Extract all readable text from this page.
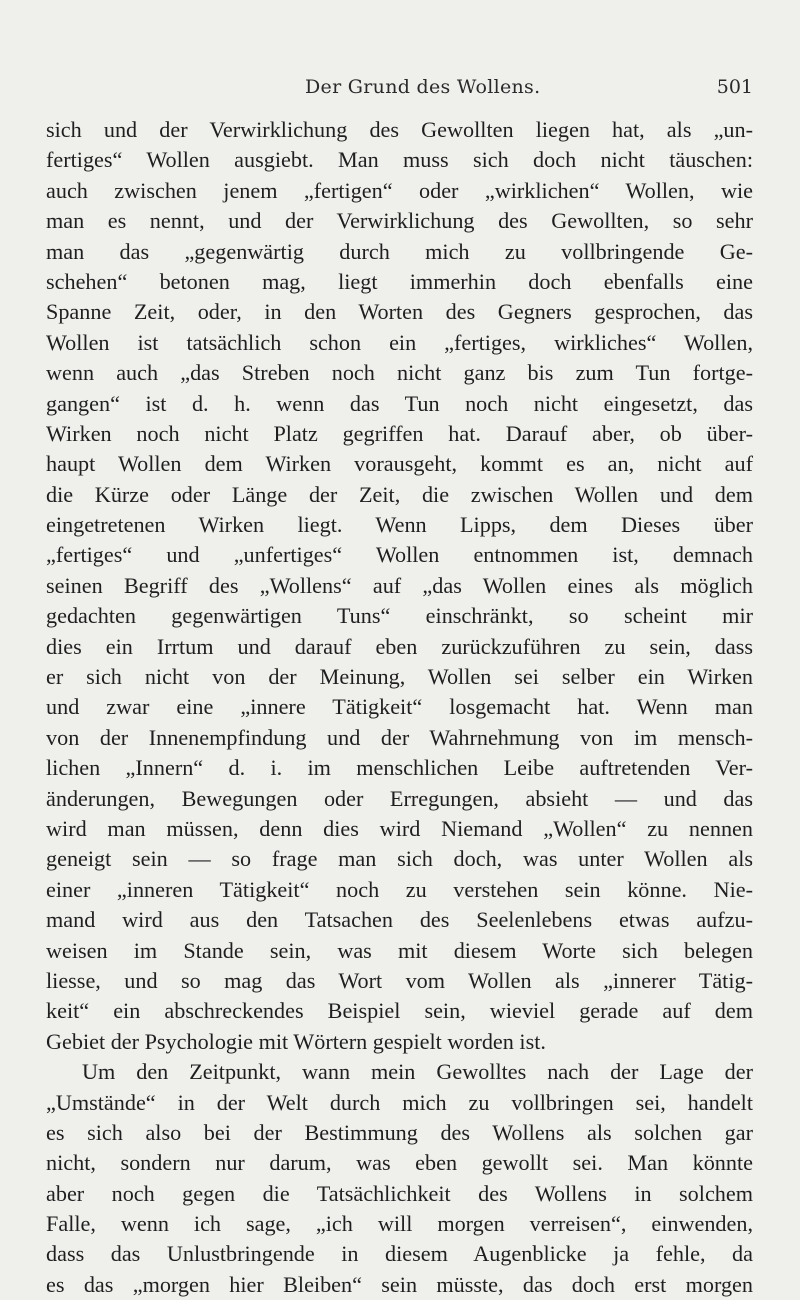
Der Grund des Wollens.	501
sich und der Verwirklichung des Gewollten liegen hat, als „un-
fertiges“ Wollen ausgiebt. Man muss sich doch nicht täuschen:
auch zwischen jenem „fertigen“ oder „wirklichen“ Wollen, wie
man es nennt, und der Verwirklichung des Gewollten, so sehr
man das „gegenwärtig durch mich zu vollbringende Ge-
schehen“ betonen mag, liegt immerhin doch ebenfalls eine
Spanne Zeit, oder, in den Worten des Gegners gesprochen, das
Wollen ist tatsächlich schon ein „fertiges, wirkliches“ Wollen,
wenn auch „das Streben noch nicht ganz bis zum Tun fortge-
gangen“ ist d. h. wenn das Tun noch nicht eingesetzt, das
Wirken noch nicht Platz gegriffen hat. Darauf aber, ob über-
haupt Wollen dem Wirken vorausgeht, kommt es an, nicht auf
die Kürze oder Länge der Zeit, die zwischen Wollen und dem
eingetretenen Wirken liegt. Wenn Lipps, dem Dieses über
„fertiges“ und „unfertiges“ Wollen entnommen ist, demnach
seinen Begriff des „Wollens“ auf „das Wollen eines als möglich
gedachten gegenwärtigen Tuns“ einschränkt, so scheint mir
dies ein Irrtum und darauf eben zurückzuführen zu sein, dass
er sich nicht von der Meinung, Wollen sei selber ein Wirken
und zwar eine „innere Tätigkeit“ losgemacht hat. Wenn man
von der Innenempfindung und der Wahrnehmung von im mensch-
lichen „Innern“ d. i. im menschlichen Leibe auftretenden Ver-
änderungen, Bewegungen oder Erregungen, absieht — und das
wird man müssen, denn dies wird Niemand „Wollen“ zu nennen
geneigt sein — so frage man sich doch, was unter Wollen als
einer „inneren Tätigkeit“ noch zu verstehen sein könne. Nie-
mand wird aus den Tatsachen des Seelenlebens etwas aufzu-
weisen im Stande sein, was mit diesem Worte sich belegen
liesse, und so mag das Wort vom Wollen als „innerer Tätig-
keit“ ein abschreckendes Beispiel sein, wieviel gerade auf dem
Gebiet der Psychologie mit Wörtern gespielt worden ist.
Um den Zeitpunkt, wann mein Gewolltes nach der Lage der
„Umstände“ in der Welt durch mich zu vollbringen sei, handelt
es sich also bei der Bestimmung des Wollens als solchen gar
nicht, sondern nur darum, was eben gewollt sei. Man könnte
aber noch gegen die Tatsächlichkeit des Wollens in solchem
Falle, wenn ich sage, „ich will morgen verreisen“, einwenden,
dass das Unlustbringende in diesem Augenblicke ja fehle, da
es das „morgen hier Bleiben“ sein müsste, das doch erst morgen
